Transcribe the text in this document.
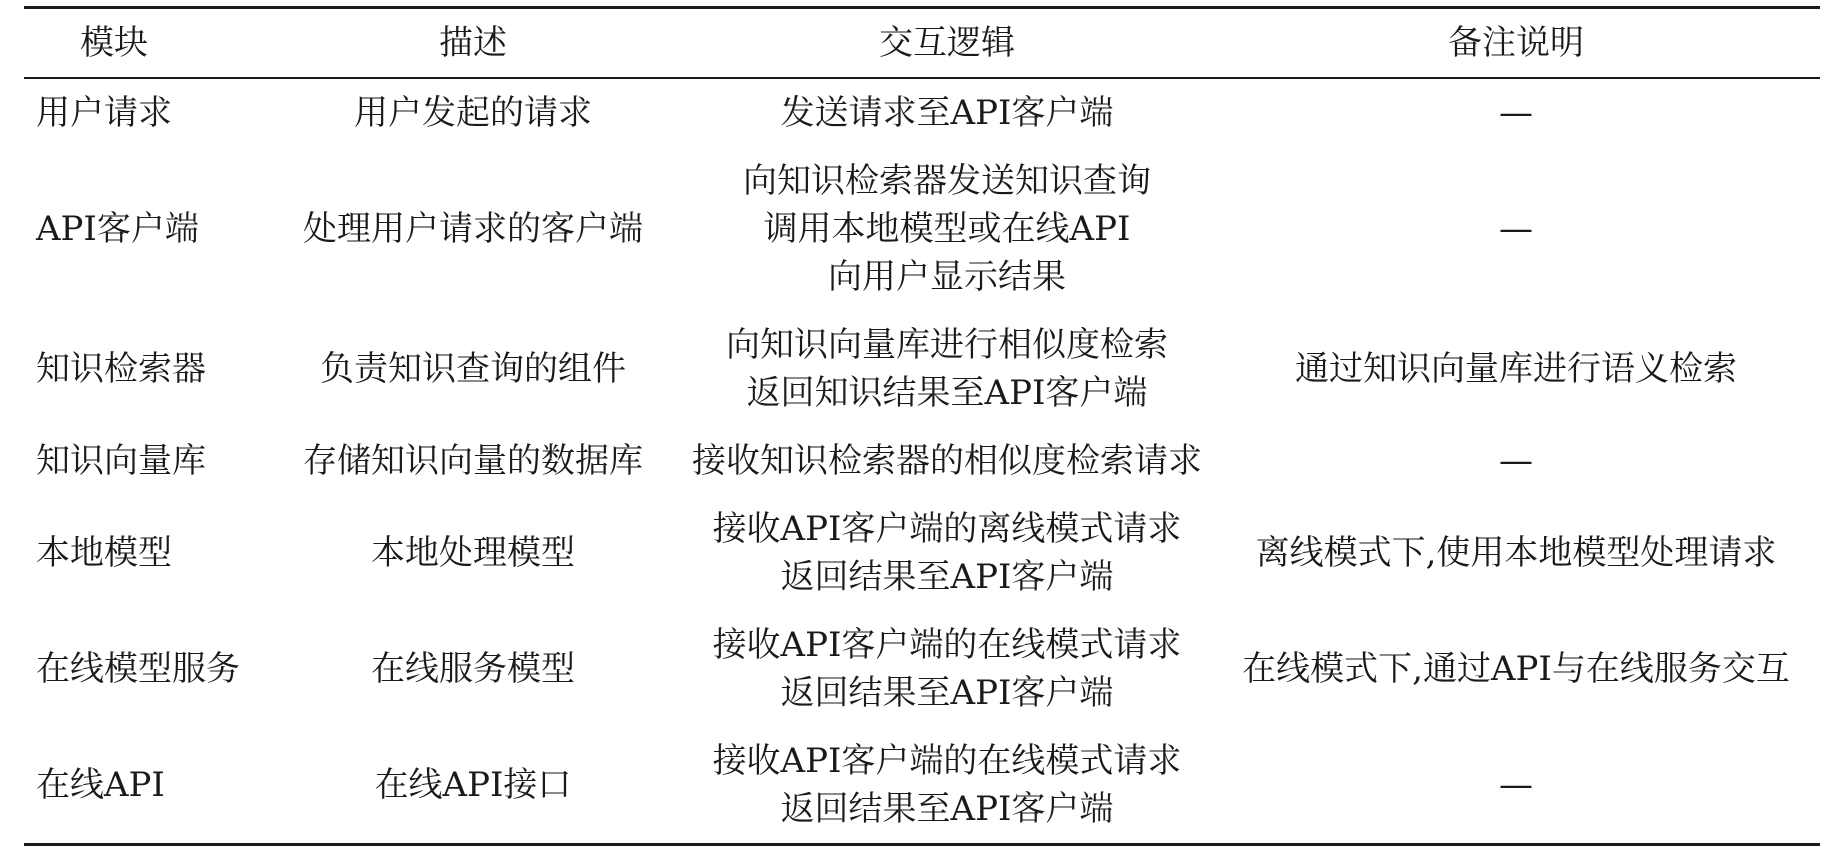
模块	描述	交互逻辑	备注说明
用户请求	用户发起的请求	发送请求至API客户端	—
API客户端	处理用户请求的客户端	向知识检索器发送知识查询
调用本地模型或在线API
向用户显示结果	—
知识检索器	负责知识查询的组件	向知识向量库进行相似度检索
返回知识结果至API客户端	通过知识向量库进行语义检索
知识向量库	存储知识向量的数据库	接收知识检索器的相似度检索请求	—
本地模型	本地处理模型	接收API客户端的离线模式请求
返回结果至API客户端	离线模式下,使用本地模型处理请求
在线模型服务	在线服务模型	接收API客户端的在线模式请求
返回结果至API客户端	在线模式下,通过API与在线服务交互
在线API	在线API接口	接收API客户端的在线模式请求
返回结果至API客户端	—
